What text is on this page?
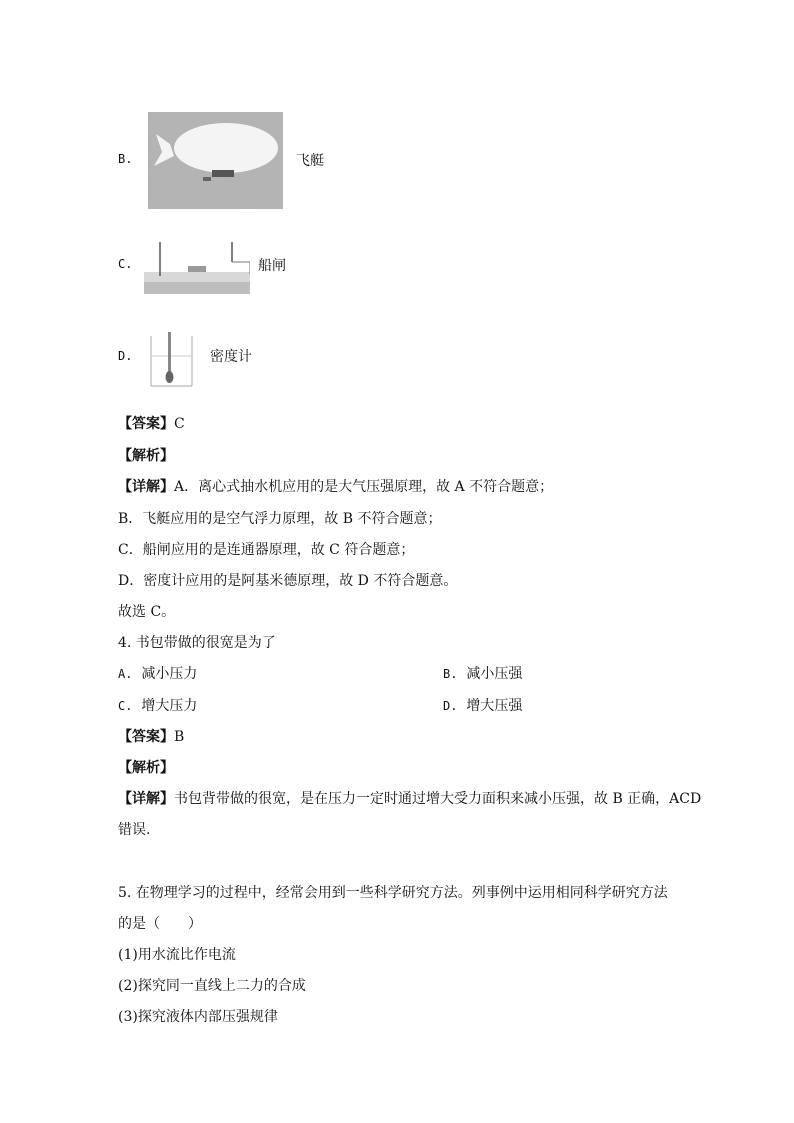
B.	飞艇
C.	船闸
D.	密度计
【答案】C
【解析】
【详解】A．离心式抽水机应用的是大气压强原理，故 A 不符合题意；
B．飞艇应用的是空气浮力原理，故 B 不符合题意；
C．船闸应用的是连通器原理，故 C 符合题意；
D．密度计应用的是阿基米德原理，故 D 不符合题意。
故选 C。
4. 书包带做的很宽是为了
A. 减小压力	B. 减小压强
C. 增大压力	D. 增大压强
【答案】B
【解析】
【详解】书包背带做的很宽，是在压力一定时通过增大受力面积来减小压强，故 B 正确，ACD
错误.
5. 在物理学习的过程中，经常会用到一些科学研究方法。列事例中运用相同科学研究方法
的是（　　）
(1)用水流比作电流
(2)探究同一直线上二力的合成
(3)探究液体内部压强规律
